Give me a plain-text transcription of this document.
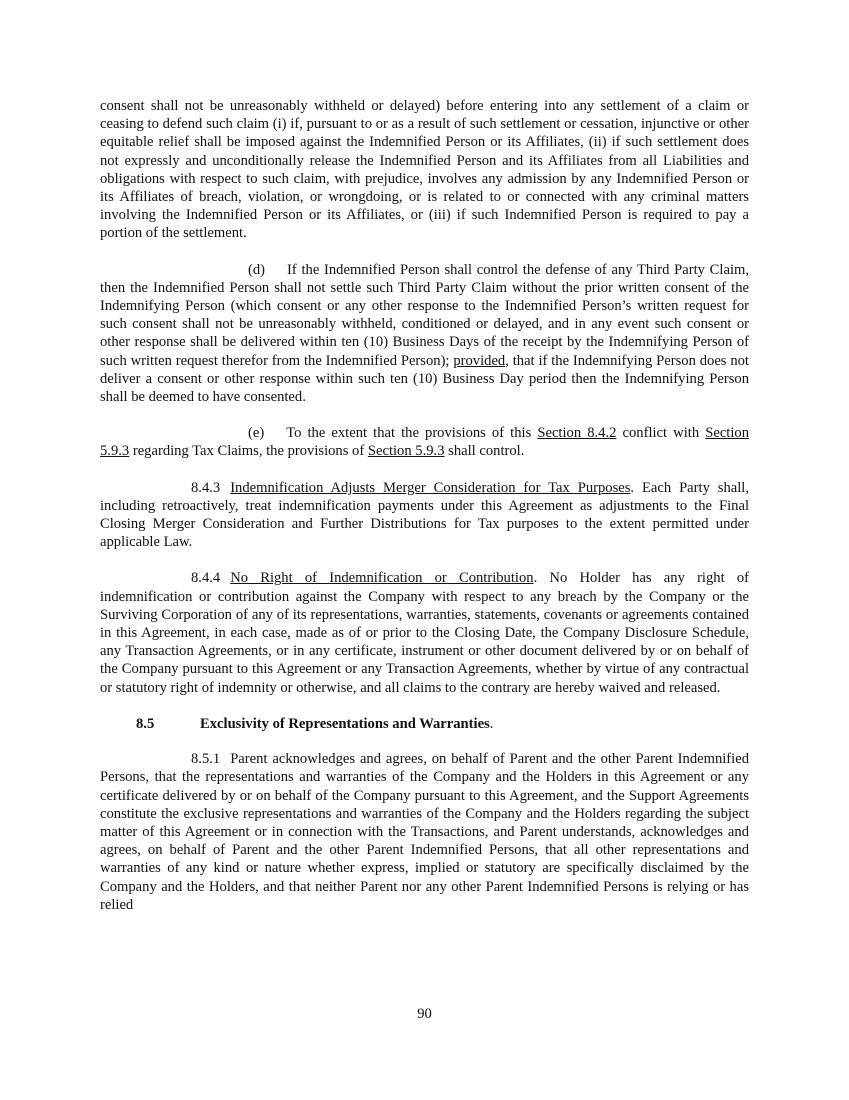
consent shall not be unreasonably withheld or delayed) before entering into any settlement of a claim or ceasing to defend such claim (i) if, pursuant to or as a result of such settlement or cessation, injunctive or other equitable relief shall be imposed against the Indemnified Person or its Affiliates, (ii) if such settlement does not expressly and unconditionally release the Indemnified Person and its Affiliates from all Liabilities and obligations with respect to such claim, with prejudice, involves any admission by any Indemnified Person or its Affiliates of breach, violation, or wrongdoing, or is related to or connected with any criminal matters involving the Indemnified Person or its Affiliates, or (iii) if such Indemnified Person is required to pay a portion of the settlement.

(d) If the Indemnified Person shall control the defense of any Third Party Claim, then the Indemnified Person shall not settle such Third Party Claim without the prior written consent of the Indemnifying Person (which consent or any other response to the Indemnified Person’s written request for such consent shall not be unreasonably withheld, conditioned or delayed, and in any event such consent or other response shall be delivered within ten (10) Business Days of the receipt by the Indemnifying Person of such written request therefor from the Indemnified Person); provided, that if the Indemnifying Person does not deliver a consent or other response within such ten (10) Business Day period then the Indemnifying Person shall be deemed to have consented.

(e) To the extent that the provisions of this Section 8.4.2 conflict with Section 5.9.3 regarding Tax Claims, the provisions of Section 5.9.3 shall control.

8.4.3 Indemnification Adjusts Merger Consideration for Tax Purposes. Each Party shall, including retroactively, treat indemnification payments under this Agreement as adjustments to the Final Closing Merger Consideration and Further Distributions for Tax purposes to the extent permitted under applicable Law.

8.4.4 No Right of Indemnification or Contribution. No Holder has any right of indemnification or contribution against the Company with respect to any breach by the Company or the Surviving Corporation of any of its representations, warranties, statements, covenants or agreements contained in this Agreement, in each case, made as of or prior to the Closing Date, the Company Disclosure Schedule, any Transaction Agreements, or in any certificate, instrument or other document delivered by or on behalf of the Company pursuant to this Agreement or any Transaction Agreements, whether by virtue of any contractual or statutory right of indemnity or otherwise, and all claims to the contrary are hereby waived and released.

8.5	Exclusivity of Representations and Warranties.

8.5.1 Parent acknowledges and agrees, on behalf of Parent and the other Parent Indemnified Persons, that the representations and warranties of the Company and the Holders in this Agreement or any certificate delivered by or on behalf of the Company pursuant to this Agreement, and the Support Agreements constitute the exclusive representations and warranties of the Company and the Holders regarding the subject matter of this Agreement or in connection with the Transactions, and Parent understands, acknowledges and agrees, on behalf of Parent and the other Parent Indemnified Persons, that all other representations and warranties of any kind or nature whether express, implied or statutory are specifically disclaimed by the Company and the Holders, and that neither Parent nor any other Parent Indemnified Persons is relying or has relied

90
